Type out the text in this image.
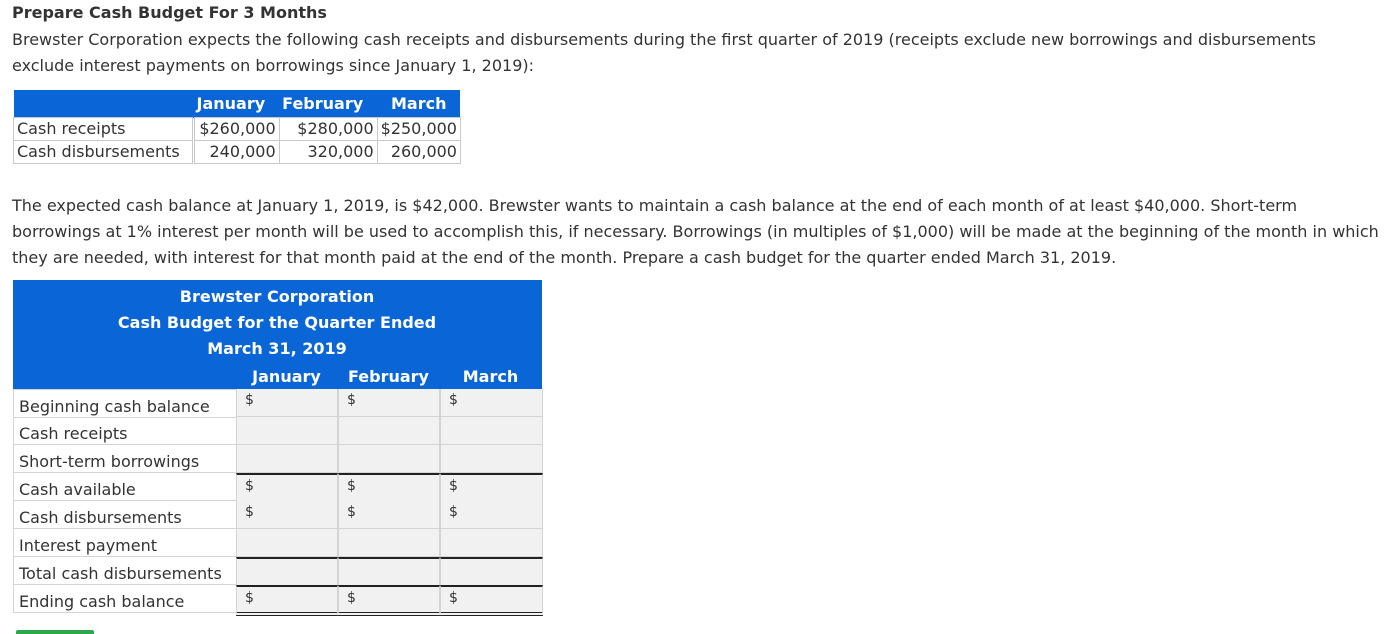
Prepare Cash Budget For 3 Months
Brewster Corporation expects the following cash receipts and disbursements during the first quarter of 2019 (receipts exclude new borrowings and disbursements exclude interest payments on borrowings since January 1, 2019):
	January	February	March
Cash receipts	$260,000	$280,000	$250,000
Cash disbursements	240,000	320,000	260,000
The expected cash balance at January 1, 2019, is $42,000. Brewster wants to maintain a cash balance at the end of each month of at least $40,000. Short-term borrowings at 1% interest per month will be used to accomplish this, if necessary. Borrowings (in multiples of $1,000) will be made at the beginning of the month in which they are needed, with interest for that month paid at the end of the month. Prepare a cash budget for the quarter ended March 31, 2019.
Brewster Corporation
Cash Budget for the Quarter Ended
March 31, 2019
January	February	March
Beginning cash balance	$	$	$
Cash receipts
Short-term borrowings
Cash available	$	$	$
Cash disbursements	$	$	$
Interest payment
Total cash disbursements
Ending cash balance	$	$	$
